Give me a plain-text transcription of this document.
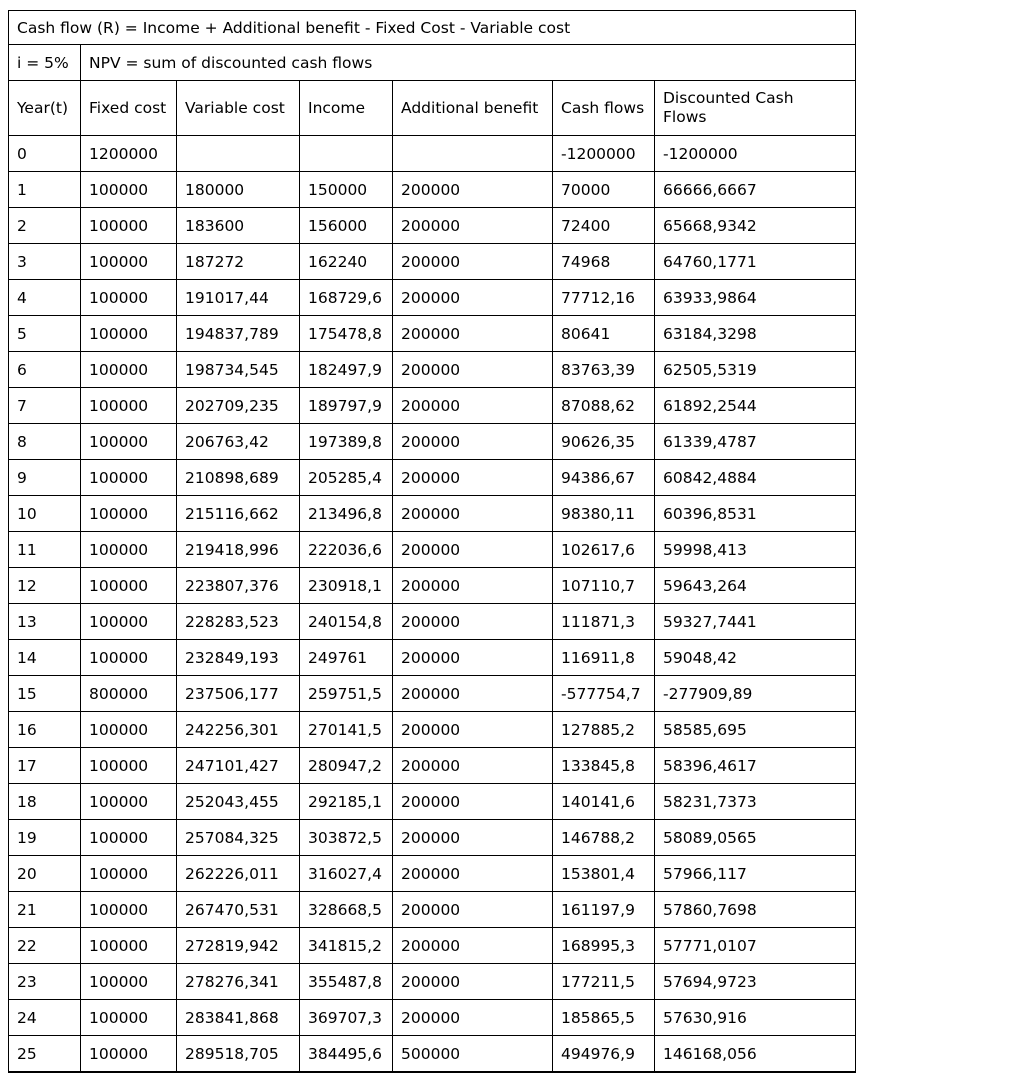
Cash flow (R) = Income + Additional benefit - Fixed Cost - Variable cost						
i = 5%	NPV = sum of discounted cash flows					
Year(t)	Fixed cost	Variable cost	Income	Additional benefit	Cash flows	Discounted Cash Flows
0	1200000				-1200000	-1200000
1	100000	180000	150000	200000	70000	66666,6667
2	100000	183600	156000	200000	72400	65668,9342
3	100000	187272	162240	200000	74968	64760,1771
4	100000	191017,44	168729,6	200000	77712,16	63933,9864
5	100000	194837,789	175478,8	200000	80641	63184,3298
6	100000	198734,545	182497,9	200000	83763,39	62505,5319
7	100000	202709,235	189797,9	200000	87088,62	61892,2544
8	100000	206763,42	197389,8	200000	90626,35	61339,4787
9	100000	210898,689	205285,4	200000	94386,67	60842,4884
10	100000	215116,662	213496,8	200000	98380,11	60396,8531
11	100000	219418,996	222036,6	200000	102617,6	59998,413
12	100000	223807,376	230918,1	200000	107110,7	59643,264
13	100000	228283,523	240154,8	200000	111871,3	59327,7441
14	100000	232849,193	249761	200000	116911,8	59048,42
15	800000	237506,177	259751,5	200000	-577754,7	-277909,89
16	100000	242256,301	270141,5	200000	127885,2	58585,695
17	100000	247101,427	280947,2	200000	133845,8	58396,4617
18	100000	252043,455	292185,1	200000	140141,6	58231,7373
19	100000	257084,325	303872,5	200000	146788,2	58089,0565
20	100000	262226,011	316027,4	200000	153801,4	57966,117
21	100000	267470,531	328668,5	200000	161197,9	57860,7698
22	100000	272819,942	341815,2	200000	168995,3	57771,0107
23	100000	278276,341	355487,8	200000	177211,5	57694,9723
24	100000	283841,868	369707,3	200000	185865,5	57630,916
25	100000	289518,705	384495,6	500000	494976,9	146168,056
